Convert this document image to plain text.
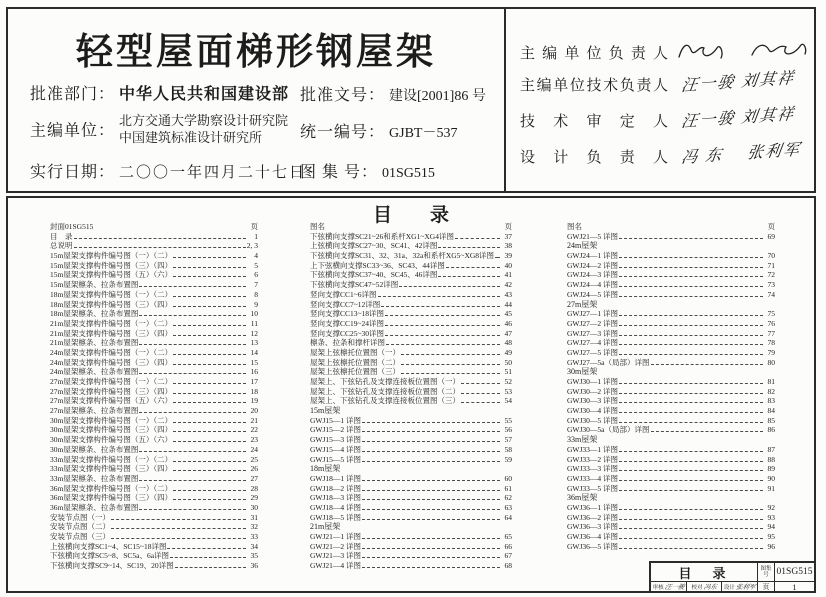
轻型屋面梯形钢屋架
批准部门： 中华人民共和国建设部
主编单位：
北方交通大学勘察设计研究院
中国建筑标准设计研究所
实行日期： 二〇〇一年四月二十七日
批准文号： 建设[2001]86 号
统一编号： GJBT－537
图 集 号： 01SG515
主编单位负责人
主编单位技术负责人 汪一骏 刘其祥
技术审定人 汪一骏 刘其祥
设计负责人 冯 东　 张利军
目　　录
封面01SG515	页
目　录	1
总说明	2, 3
15m屋架支撑构件编号图（一）（二）	4
15m屋架支撑构件编号图（三）（四）	5
15m屋架支撑构件编号图（五）（六）	6
15m屋架檩条、拉条布置图	7
18m屋架支撑构件编号图（一）（二）	8
18m屋架支撑构件编号图（三）（四）	9
18m屋架檩条、拉条布置图	10
21m屋架支撑构件编号图（一）（二）	11
21m屋架支撑构件编号图（三）（四）	12
21m屋架檩条、拉条布置图	13
24m屋架支撑构件编号图（一）（二）	14
24m屋架支撑构件编号图（三）（四）	15
24m屋架檩条、拉条布置图	16
27m屋架支撑构件编号图（一）（二）	17
27m屋架支撑构件编号图（三）（四）	18
27m屋架支撑构件编号图（五）（六）	19
27m屋架檩条、拉条布置图	20
30m屋架支撑构件编号图（一）（二）	21
30m屋架支撑构件编号图（三）（四）	22
30m屋架支撑构件编号图（五）（六）	23
30m屋架檩条、拉条布置图	24
33m屋架支撑构件编号图（一）（二）	25
33m屋架支撑构件编号图（三）（四）	26
33m屋架檩条、拉条布置图	27
36m屋架支撑构件编号图（一）（二）	28
36m屋架支撑构件编号图（三）（四）	29
36m屋架檩条、拉条布置图	30
安装节点图（一）	31
安装节点图（二）	32
安装节点图（三）	33
上弦横向支撑SC1~4、SC15~18详图	34
下弦横向支撑SC5~8、SC5a、6a详图	35
下弦横向支撑SC9~14、SC19、20详图	36
图名	页
下弦横向支撑SC21~26和系杆XG1~XG4详图	37
上弦横向支撑SC27~30、SC41、42详图	38
下弦横向支撑SC31、32、31a、32a和系杆XG5~XG8详图	39
上下弦横向支撑SC33~36、SC43、44详图	40
下弦横向支撑SC37~40、SC45、46详图	41
下弦横向支撑SC47~52详图	42
竖向支撑CC1~6详图	43
竖向支撑CC7~12详图	44
竖向支撑CC13~18详图	45
竖向支撑CC19~24详图	46
竖向支撑CC25~30详图	47
檩条、拉条和撑杆详图	48
屋架上弦檩托位置图（一）	49
屋架上弦檩托位置图（二）	50
屋架上弦檩托位置图（三）	51
屋架上、下弦钻孔及支撑连接板位置图（一）	52
屋架上、下弦钻孔及支撑连接板位置图（二）	53
屋架上、下弦钻孔及支撑连接板位置图（三）	54
15m屋架
GWJ15—1 详图	55
GWJ15—2 详图	56
GWJ15—3 详图	57
GWJ15—4 详图	58
GWJ15—5 详图	59
18m屋架
GWJ18—1 详图	60
GWJ18—2 详图	61
GWJ18—3 详图	62
GWJ18—4 详图	63
GWJ18—5 详图	64
21m屋架
GWJ21—1 详图	65
GWJ21—2 详图	66
GWJ21—3 详图	67
GWJ21—4 详图	68
图名	页
GWJ21—5 详图	69
24m屋架
GWJ24—1 详图	70
GWJ24—2 详图	71
GWJ24—3 详图	72
GWJ24—4 详图	73
GWJ24—5 详图	74
27m屋架
GWJ27—1 详图	75
GWJ27—2 详图	76
GWJ27—3 详图	77
GWJ27—4 详图	78
GWJ27—5 详图	79
GWJ27—5a（局部）详图	80
30m屋架
GWJ30—1 详图	81
GWJ30—2 详图	82
GWJ30—3 详图	83
GWJ30—4 详图	84
GWJ30—5 详图	85
GWJ30—5a（局部）详图	86
33m屋架
GWJ33—1 详图	87
GWJ33—2 详图	88
GWJ33—3 详图	89
GWJ33—4 详图	90
GWJ33—5 详图	91
36m屋架
GWJ36—1 详图	92
GWJ36—2 详图	93
GWJ36—3 详图	94
GWJ36—4 详图	95
GWJ36—5 详图	96
目　录	图集号 01SG515
审核 汪一骏 校对 冯东 设计 张利军 页	1
